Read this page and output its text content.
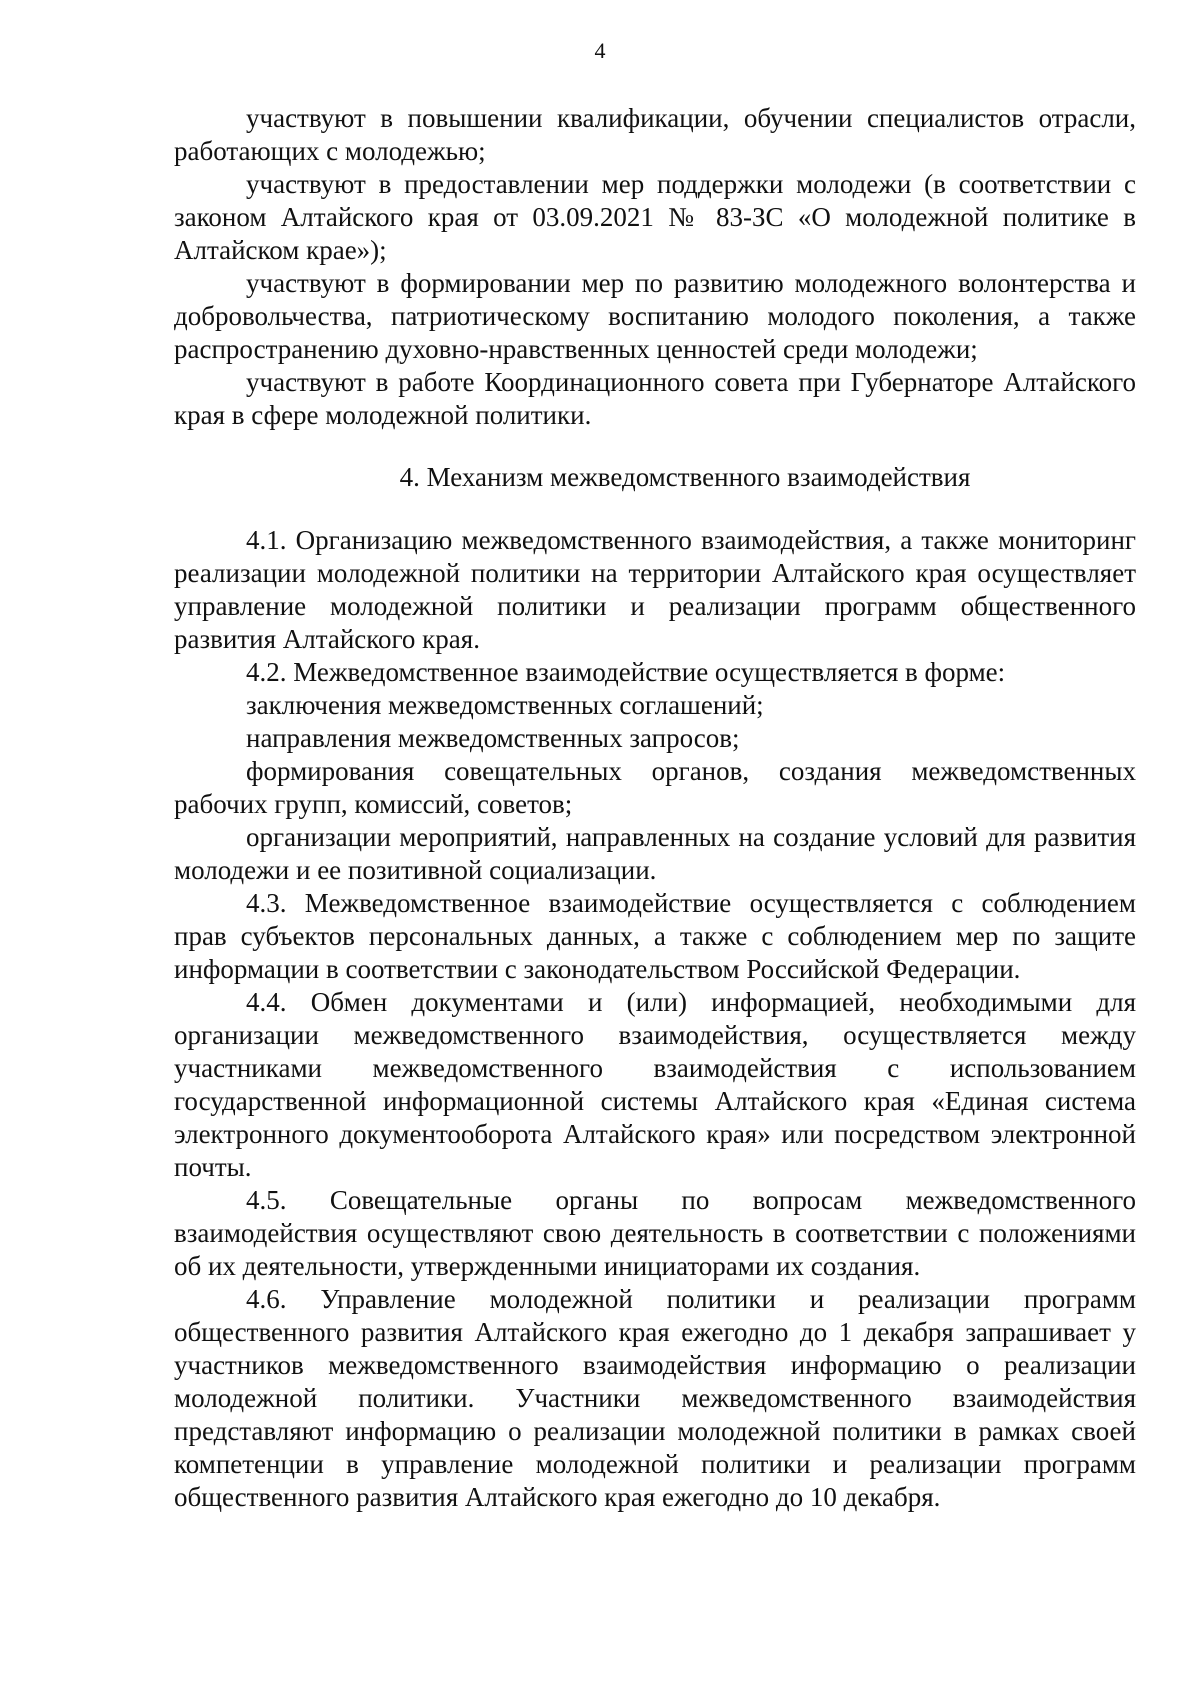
4

участвуют в повышении квалификации, обучении специалистов отрасли, работающих с молодежью;

участвуют в предоставлении мер поддержки молодежи (в соответствии с законом Алтайского края от 03.09.2021 № 83-ЗС «О молодежной политике в Алтайском крае»);

участвуют в формировании мер по развитию молодежного волонтерства и добровольчества, патриотическому воспитанию молодого поколения, а также распространению духовно-нравственных ценностей среди молодежи;

участвуют в работе Координационного совета при Губернаторе Алтайского края в сфере молодежной политики.

4. Механизм межведомственного взаимодействия

4.1. Организацию межведомственного взаимодействия, а также мониторинг реализации молодежной политики на территории Алтайского края осуществляет управление молодежной политики и реализации программ общественного развития Алтайского края.

4.2. Межведомственное взаимодействие осуществляется в форме:

заключения межведомственных соглашений;

направления межведомственных запросов;

формирования совещательных органов, создания межведомственных рабочих групп, комиссий, советов;

организации мероприятий, направленных на создание условий для развития молодежи и ее позитивной социализации.

4.3. Межведомственное взаимодействие осуществляется с соблюдением прав субъектов персональных данных, а также с соблюдением мер по защите информации в соответствии с законодательством Российской Федерации.

4.4. Обмен документами и (или) информацией, необходимыми для организации межведомственного взаимодействия, осуществляется между участниками межведомственного взаимодействия с использованием государственной информационной системы Алтайского края «Единая система электронного документооборота Алтайского края» или посредством электронной почты.

4.5. Совещательные органы по вопросам межведомственного взаимодействия осуществляют свою деятельность в соответствии с положениями об их деятельности, утвержденными инициаторами их создания.

4.6. Управление молодежной политики и реализации программ общественного развития Алтайского края ежегодно до 1 декабря запрашивает у участников межведомственного взаимодействия информацию о реализации молодежной политики. Участники межведомственного взаимодействия представляют информацию о реализации молодежной политики в рамках своей компетенции в управление молодежной политики и реализации программ общественного развития Алтайского края ежегодно до 10 декабря.
